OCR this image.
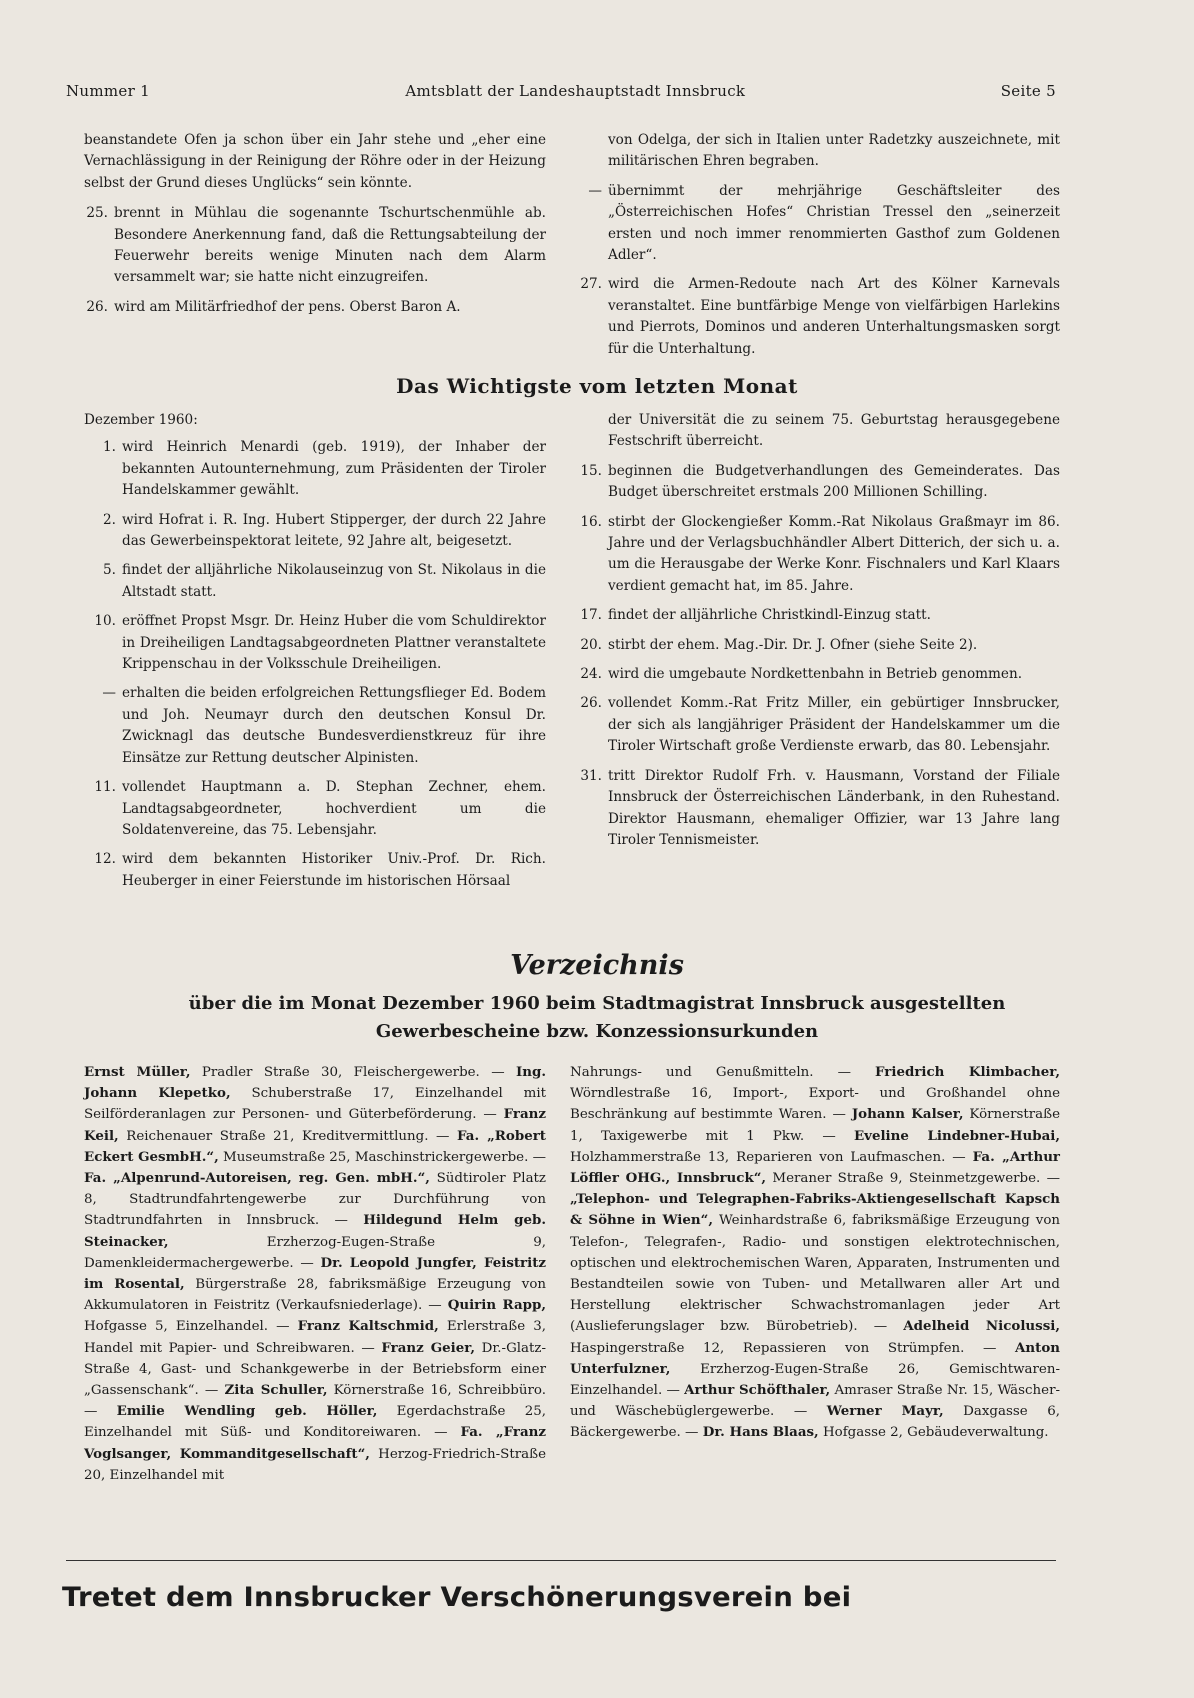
Nummer 1	Amtsblatt der Landeshauptstadt Innsbruck	Seite 5

beanstandete Ofen ja schon über ein Jahr stehe und „eher eine Vernachlässigung in der Reinigung der Röhre oder in der Heizung selbst der Grund dieses Unglücks“ sein könnte.

25. brennt in Mühlau die sogenannte Tschurtschenmühle ab. Besondere Anerkennung fand, daß die Rettungsabteilung der Feuerwehr bereits wenige Minuten nach dem Alarm versammelt war; sie hatte nicht einzugreifen.
26. wird am Militärfriedhof der pens. Oberst Baron A.
von Odelga, der sich in Italien unter Radetzky auszeichnete, mit militärischen Ehren begraben.
— übernimmt der mehrjährige Geschäftsleiter des „Österreichischen Hofes“ Christian Tressel den „seinerzeit ersten und noch immer renommierten Gasthof zum Goldenen Adler“.
27. wird die Armen-Redoute nach Art des Kölner Karnevals veranstaltet. Eine buntfärbige Menge von vielfärbigen Harlekins und Pierrots, Dominos und anderen Unterhaltungsmasken sorgt für die Unterhaltung.
Das Wichtigste vom letzten Monat
Dezember 1960:
1. wird Heinrich Menardi (geb. 1919), der Inhaber der bekannten Autounternehmung, zum Präsidenten der Tiroler Handelskammer gewählt.
2. wird Hofrat i. R. Ing. Hubert Stipperger, der durch 22 Jahre das Gewerbeinspektorat leitete, 92 Jahre alt, beigesetzt.
5. findet der alljährliche Nikolauseinzug von St. Nikolaus in die Altstadt statt.
10. eröffnet Propst Msgr. Dr. Heinz Huber die vom Schuldirektor in Dreiheiligen Landtagsabgeordneten Plattner veranstaltete Krippenschau in der Volksschule Dreiheiligen.
— erhalten die beiden erfolgreichen Rettungsflieger Ed. Bodem und Joh. Neumayr durch den deutschen Konsul Dr. Zwicknagl das deutsche Bundesverdienstkreuz für ihre Einsätze zur Rettung deutscher Alpinisten.
11. vollendet Hauptmann a. D. Stephan Zechner, ehem. Landtagsabgeordneter, hochverdient um die Soldatenvereine, das 75. Lebensjahr.
12. wird dem bekannten Historiker Univ.-Prof. Dr. Rich. Heuberger in einer Feierstunde im historischen Hörsaal
der Universität die zu seinem 75. Geburtstag herausgegebene Festschrift überreicht.
15. beginnen die Budgetverhandlungen des Gemeinderates. Das Budget überschreitet erstmals 200 Millionen Schilling.
16. stirbt der Glockengießer Komm.-Rat Nikolaus Graßmayr im 86. Jahre und der Verlagsbuchhändler Albert Ditterich, der sich u. a. um die Herausgabe der Werke Konr. Fischnalers und Karl Klaars verdient gemacht hat, im 85. Jahre.
17. findet der alljährliche Christkindl-Einzug statt.
20. stirbt der ehem. Mag.-Dir. Dr. J. Ofner (siehe Seite 2).
24. wird die umgebaute Nordkettenbahn in Betrieb genommen.
26. vollendet Komm.-Rat Fritz Miller, ein gebürtiger Innsbrucker, der sich als langjähriger Präsident der Handelskammer um die Tiroler Wirtschaft große Verdienste erwarb, das 80. Lebensjahr.
31. tritt Direktor Rudolf Frh. v. Hausmann, Vorstand der Filiale Innsbruck der Österreichischen Länderbank, in den Ruhestand. Direktor Hausmann, ehemaliger Offizier, war 13 Jahre lang Tiroler Tennismeister.
Verzeichnis
über die im Monat Dezember 1960 beim Stadtmagistrat Innsbruck ausgestellten
Gewerbescheine bzw. Konzessionsurkunden
Ernst Müller, Pradler Straße 30, Fleischergewerbe. — Ing. Johann Klepetko, Schuberstraße 17, Einzelhandel mit Seilförderanlagen zur Personen- und Güterbeförderung. — Franz Keil, Reichenauer Straße 21, Kreditvermittlung. — Fa. „Robert Eckert GesmbH.“, Museumstraße 25, Maschinstrickergewerbe. — Fa. „Alpenrund-Autoreisen, reg. Gen. mbH.“, Südtiroler Platz 8, Stadtrundfahrtengewerbe zur Durchführung von Stadtrundfahrten in Innsbruck. — Hildegund Helm geb. Steinacker, Erzherzog-Eugen-Straße 9, Damenkleidermachergewerbe. — Dr. Leopold Jungfer, Feistritz im Rosental, Bürgerstraße 28, fabriksmäßige Erzeugung von Akkumulatoren in Feistritz (Verkaufsniederlage). — Quirin Rapp, Hofgasse 5, Einzelhandel. — Franz Kaltschmid, Erlerstraße 3, Handel mit Papier- und Schreibwaren. — Franz Geier, Dr.-Glatz-Straße 4, Gast- und Schankgewerbe in der Betriebsform einer „Gassenschank“. — Zita Schuller, Körnerstraße 16, Schreibbüro. — Emilie Wendling geb. Höller, Egerdachstraße 25, Einzelhandel mit Süß- und Konditoreiwaren. — Fa. „Franz Voglsanger, Kommanditgesellschaft“, Herzog-Friedrich-Straße 20, Einzelhandel mit
Nahrungs- und Genußmitteln. — Friedrich Klimbacher, Wörndlestraße 16, Import-, Export- und Großhandel ohne Beschränkung auf bestimmte Waren. — Johann Kalser, Körnerstraße 1, Taxigewerbe mit 1 Pkw. — Eveline Lindebner-Hubai, Holzhammerstraße 13, Reparieren von Laufmaschen. — Fa. „Arthur Löffler OHG., Innsbruck“, Meraner Straße 9, Steinmetzgewerbe. — „Telephon- und Telegraphen-Fabriks-Aktiengesellschaft Kapsch & Söhne in Wien“, Weinhardstraße 6, fabriksmäßige Erzeugung von Telefon-, Telegrafen-, Radio- und sonstigen elektrotechnischen, optischen und elektrochemischen Waren, Apparaten, Instrumenten und Bestandteilen sowie von Tuben- und Metallwaren aller Art und Herstellung elektrischer Schwachstromanlagen jeder Art (Auslieferungslager bzw. Bürobetrieb). — Adelheid Nicolussi, Haspingerstraße 12, Repassieren von Strümpfen. — Anton Unterfulzner, Erzherzog-Eugen-Straße 26, Gemischtwaren-Einzelhandel. — Arthur Schöfthaler, Amraser Straße Nr. 15, Wäscher- und Wäschebüglergewerbe. — Werner Mayr, Daxgasse 6, Bäckergewerbe. — Dr. Hans Blaas, Hofgasse 2, Gebäudeverwaltung.
Tretet dem Innsbrucker Verschönerungsverein bei
